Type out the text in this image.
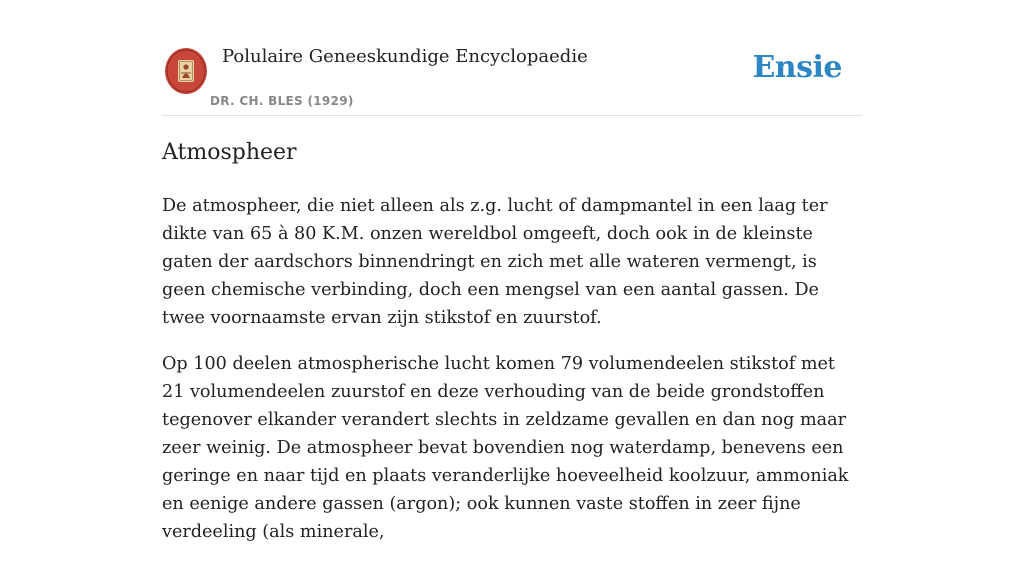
Polulaire Geneeskundige Encyclopaedie
DR. CH. BLES (1929)
Ensie
Atmospheer

De atmospheer, die niet alleen als z.g. lucht of dampmantel in een laag ter dikte van 65 à 80 K.M. onzen wereldbol omgeeft, doch ook in de kleinste gaten der aardschors binnendringt en zich met alle wateren vermengt, is geen chemische verbinding, doch een mengsel van een aantal gassen. De twee voornaamste ervan zijn stikstof en zuurstof.

Op 100 deelen atmospherische lucht komen 79 volumendeelen stikstof met 21 volumendeelen zuurstof en deze verhouding van de beide grondstoffen tegenover elkander verandert slechts in zeldzame gevallen en dan nog maar zeer weinig. De atmospheer bevat bovendien nog waterdamp, benevens een geringe en naar tijd en plaats veranderlijke hoeveelheid koolzuur, ammoniak en eenige andere gassen (argon); ook kunnen vaste stoffen in zeer fijne verdeeling (als minerale,
